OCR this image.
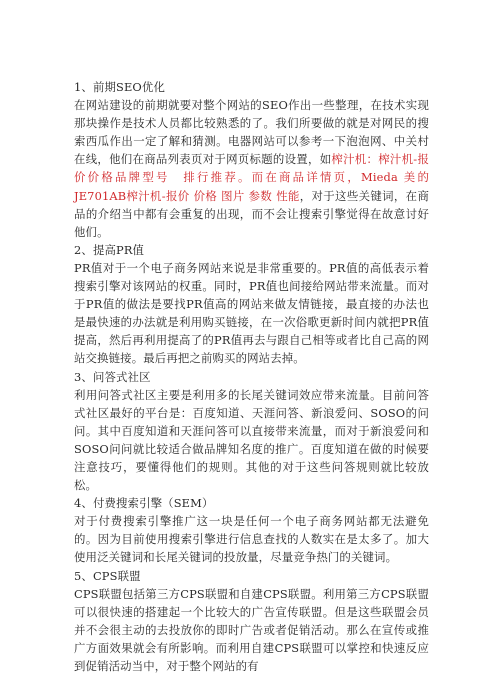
1、前期SEO优化

在网站建设的前期就要对整个网站的SEO作出一些整理，在技术实现那块操作是技术人员都比较熟悉的了。我们所要做的就是对网民的搜索西瓜作出一定了解和猜测。电器网站可以参考一下泡泡网、中关村在线，他们在商品列表页对于网页标题的设置，如榨汁机：榨汁机-报价价格品牌型号　排行推荐。而在商品详情页，Mieda 美的 JE701AB榨汁机-报价 价格 图片 参数 性能，对于这些关键词，在商品的介绍当中都有会重复的出现，而不会让搜索引擎觉得在故意讨好他们。

2、提高PR值

PR值对于一个电子商务网站来说是非常重要的。PR值的高低表示着搜索引擎对该网站的权重。同时，PR值也间接给网站带来流量。而对于PR值的做法是要找PR值高的网站来做友情链接，最直接的办法也是最快速的办法就是利用购买链接，在一次俗歌更新时间内就把PR值提高，然后再利用提高了的PR值再去与跟自己相等或者比自己高的网站交换链接。最后再把之前购买的网站去掉。

3、问答式社区

利用问答式社区主要是利用多的长尾关键词效应带来流量。目前问答式社区最好的平台是：百度知道、天涯问答、新浪爱问、SOSO的问问。其中百度知道和天涯问答可以直接带来流量，而对于新浪爱问和SOSO问问就比较适合做品牌知名度的推广。百度知道在做的时候要注意技巧，要懂得他们的规则。其他的对于这些问答规则就比较放松。

4、付费搜索引擎（SEM）

对于付费搜索引擎推广这一块是任何一个电子商务网站都无法避免的。因为目前使用搜索引擎进行信息查找的人数实在是太多了。加大使用泛关键词和长尾关键词的投放量，尽量竞争热门的关键词。

5、CPS联盟

CPS联盟包括第三方CPS联盟和自建CPS联盟。利用第三方CPS联盟可以很快速的搭建起一个比较大的广告宣传联盟。但是这些联盟会员并不会很主动的去投放你的即时广告或者促销活动。那么在宣传或推广方面效果就会有所影响。而利用自建CPS联盟可以掌控和快速反应到促销活动当中，对于整个网站的有
